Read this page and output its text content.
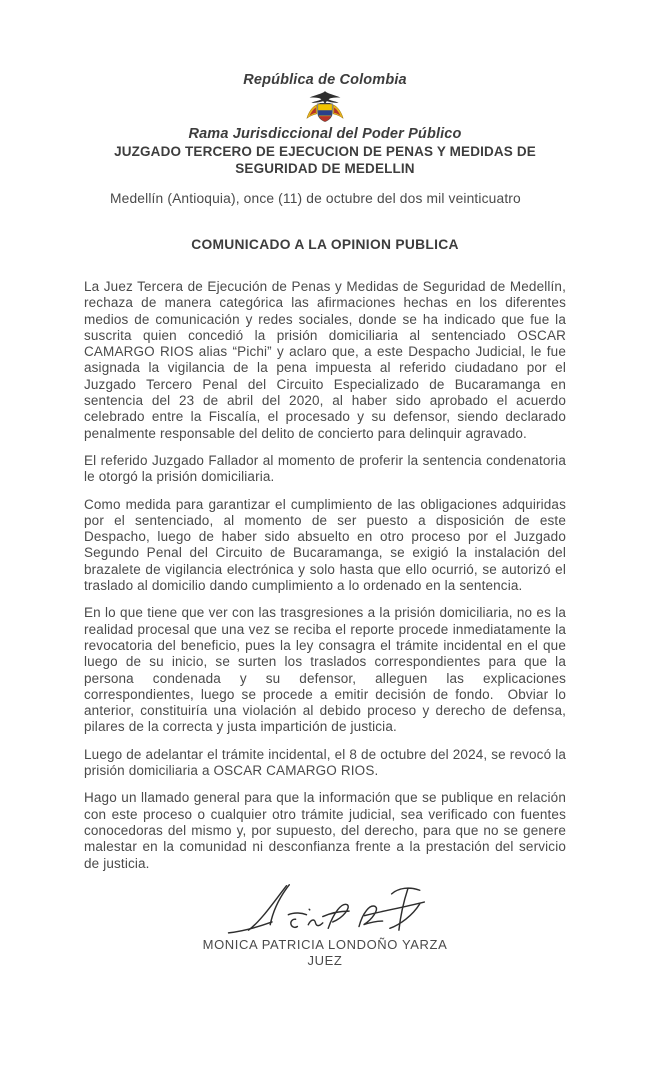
República de Colombia
Rama Jurisdiccional del Poder Público
JUZGADO TERCERO DE EJECUCION DE PENAS Y MEDIDAS DE SEGURIDAD DE MEDELLIN
Medellín (Antioquia), once (11) de octubre del dos mil veinticuatro
COMUNICADO A LA OPINION PUBLICA

La Juez Tercera de Ejecución de Penas y Medidas de Seguridad de Medellín, rechaza de manera categórica las afirmaciones hechas en los diferentes medios de comunicación y redes sociales, donde se ha indicado que fue la suscrita quien concedió la prisión domiciliaria al sentenciado OSCAR CAMARGO RIOS alias “Pichi” y aclaro que, a este Despacho Judicial, le fue asignada la vigilancia de la pena impuesta al referido ciudadano por el Juzgado Tercero Penal del Circuito Especializado de Bucaramanga en sentencia del 23 de abril del 2020, al haber sido aprobado el acuerdo celebrado entre la Fiscalía, el procesado y su defensor, siendo declarado penalmente responsable del delito de concierto para delinquir agravado.

El referido Juzgado Fallador al momento de proferir la sentencia condenatoria le otorgó la prisión domiciliaria.

Como medida para garantizar el cumplimiento de las obligaciones adquiridas por el sentenciado, al momento de ser puesto a disposición de este Despacho, luego de haber sido absuelto en otro proceso por el Juzgado Segundo Penal del Circuito de Bucaramanga, se exigió la instalación del brazalete de vigilancia electrónica y solo hasta que ello ocurrió, se autorizó el traslado al domicilio dando cumplimiento a lo ordenado en la sentencia.

En lo que tiene que ver con las trasgresiones a la prisión domiciliaria, no es la realidad procesal que una vez se reciba el reporte procede inmediatamente la revocatoria del beneficio, pues la ley consagra el trámite incidental en el que luego de su inicio, se surten los traslados correspondientes para que la persona condenada y su defensor, alleguen las explicaciones correspondientes, luego se procede a emitir decisión de fondo.  Obviar lo anterior, constituiría una violación al debido proceso y derecho de defensa, pilares de la correcta y justa impartición de justicia.

Luego de adelantar el trámite incidental, el 8 de octubre del 2024, se revocó la prisión domiciliaria a OSCAR CAMARGO RIOS.

Hago un llamado general para que la información que se publique en relación con este proceso o cualquier otro trámite judicial, sea verificado con fuentes conocedoras del mismo y, por supuesto, del derecho, para que no se genere malestar en la comunidad ni desconfianza frente a la prestación del servicio de justicia.

MONICA PATRICIA LONDOÑO YARZA
JUEZ
